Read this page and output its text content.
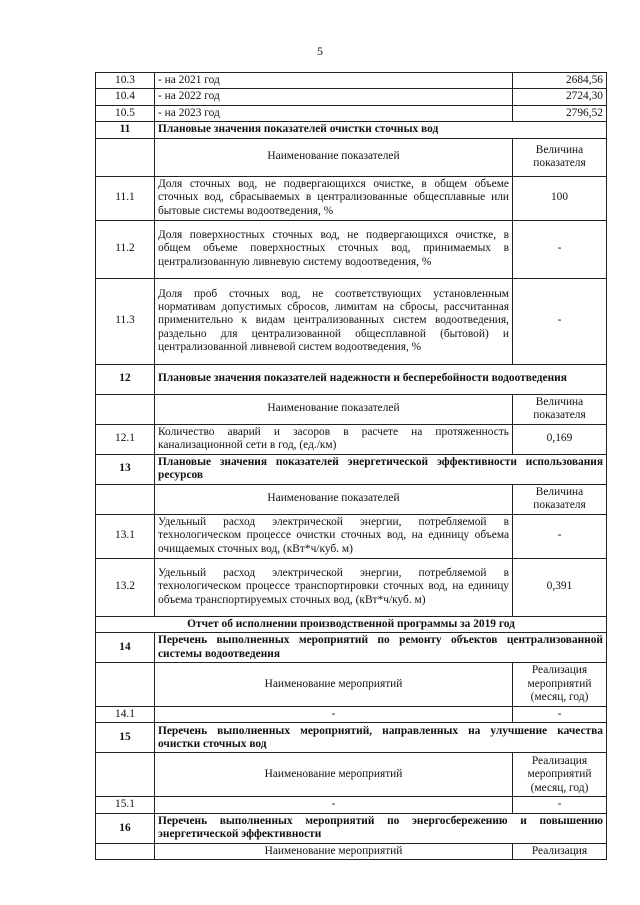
5
10.3	- на 2021 год	2684,56
10.4	- на 2022 год	2724,30
10.5	- на 2023 год	2796,52
11	Плановые значения показателей очистки сточных вод	
	Наименование показателей	Величина показателя
11.1	Доля сточных вод, не подвергающихся очистке, в общем объеме сточных вод, сбрасываемых в централизованные общесплавные или бытовые системы водоотведения, %	100
11.2	Доля поверхностных сточных вод, не подвергающихся очистке, в общем объеме поверхностных сточных вод, принимаемых в централизованную ливневую систему водоотведения, %	-
11.3	Доля проб сточных вод, не соответствующих установленным нормативам допустимых сбросов, лимитам на сбросы, рассчитанная применительно к видам централизованных систем водоотведения, раздельно для централизованной общесплавной (бытовой) и централизованной ливневой систем водоотведения, %	-
12	Плановые значения показателей надежности и бесперебойности водоотведения	
	Наименование показателей	Величина показателя
12.1	Количество аварий и засоров в расчете на протяженность канализационной сети в год, (ед./км)	0,169
13	Плановые значения показателей энергетической эффективности использования ресурсов	
	Наименование показателей	Величина показателя
13.1	Удельный расход электрической энергии, потребляемой в технологическом процессе очистки сточных вод, на единицу объема очищаемых сточных вод, (кВт*ч/куб. м)	-
13.2	Удельный расход электрической энергии, потребляемой в технологическом процессе транспортировки сточных вод, на единицу объема транспортируемых сточных вод, (кВт*ч/куб. м)	0,391
Отчет об исполнении производственной программы за 2019 год		
14	Перечень выполненных мероприятий по ремонту объектов централизованной системы водоотведения	
	Наименование мероприятий	Реализация мероприятий (месяц, год)
14.1	-	-
15	Перечень выполненных мероприятий, направленных на улучшение качества очистки сточных вод	
	Наименование мероприятий	Реализация мероприятий (месяц, год)
15.1	-	-
16	Перечень выполненных мероприятий по энергосбережению и повышению энергетической эффективности	
	Наименование мероприятий	Реализация
